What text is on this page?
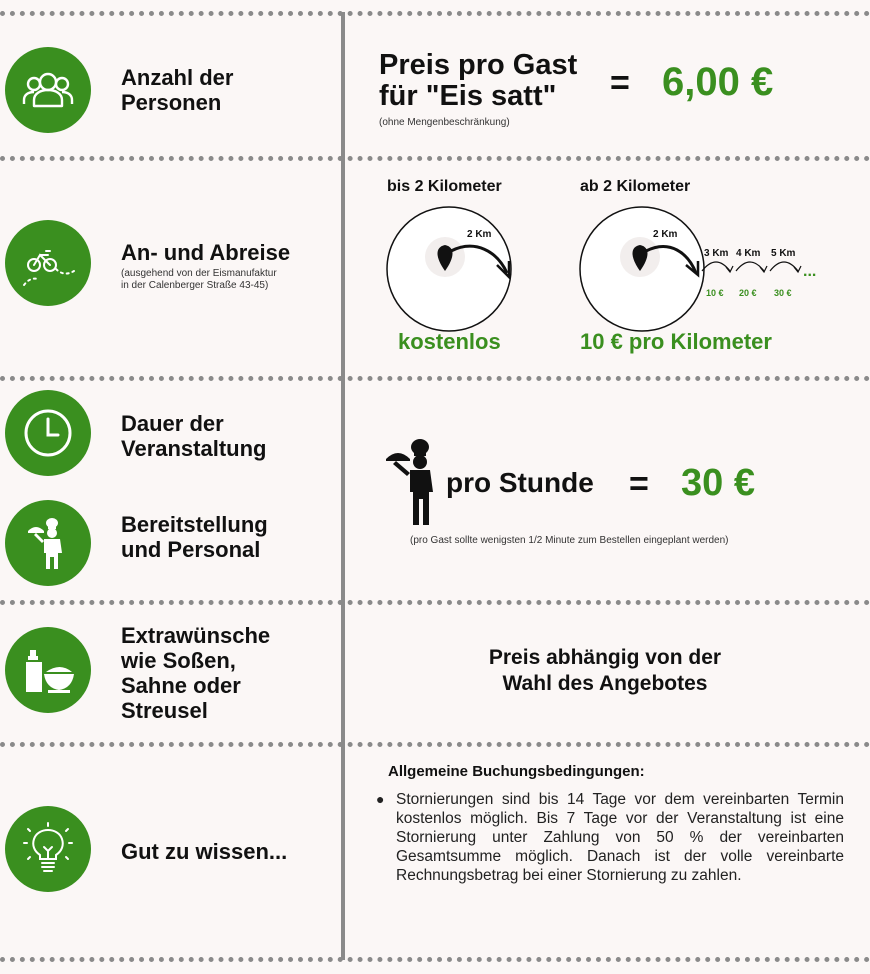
Anzahl der
Personen
Preis pro Gast
für "Eis satt"
(ohne Mengenbeschränkung)
= 6,00 €
An- und Abreise
(ausgehend von der Eismanufaktur
in der Calenberger Straße 43-45)
bis 2 Kilometer
2 Km
kostenlos
ab 2 Kilometer
2 Km
3 Km 4 Km 5 Km
...
10 € 20 € 30 €
10 € pro Kilometer
Dauer der
Veranstaltung
Bereitstellung
und Personal
pro Stunde = 30 €
(pro Gast sollte wenigsten 1/2 Minute zum Bestellen eingeplant werden)
Extrawünsche
wie Soßen,
Sahne oder
Streusel
Preis abhängig von der
Wahl des Angebotes
Gut zu wissen...
Allgemeine Buchungsbedingungen:
● Stornierungen sind bis 14 Tage vor dem vereinbarten Termin kostenlos möglich. Bis 7 Tage vor der Veranstaltung ist eine Stornierung unter Zahlung von 50 % der vereinbarten Gesamtsumme möglich. Danach ist der volle vereinbarte Rechnungsbetrag bei einer Stornierung zu zahlen.
